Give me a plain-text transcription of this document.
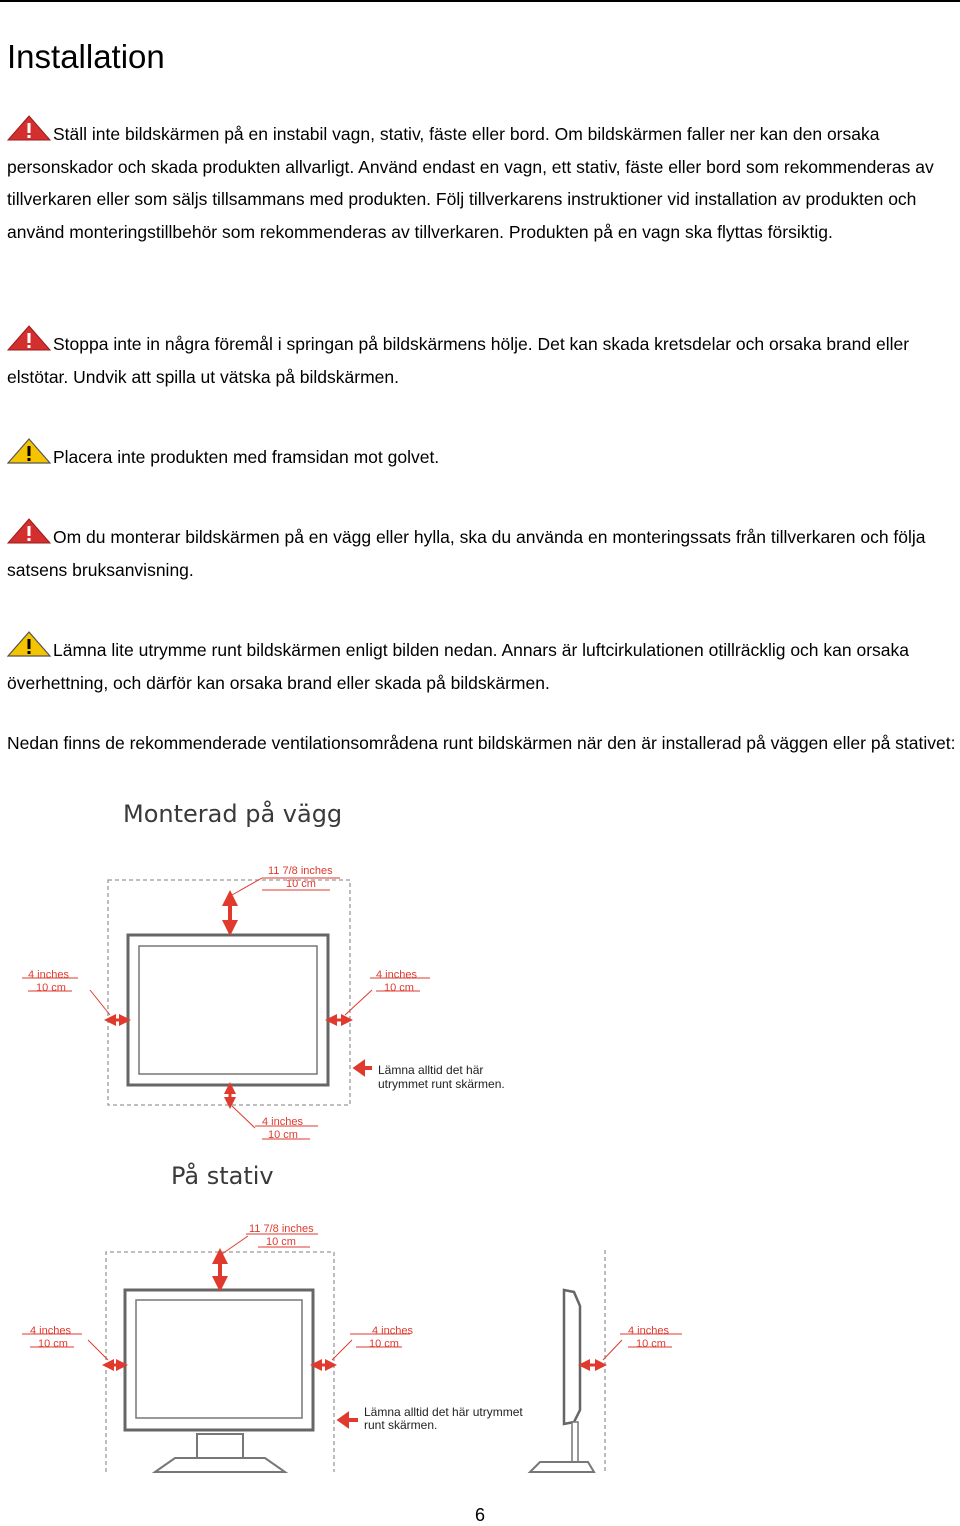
Installation

Ställ inte bildskärmen på en instabil vagn, stativ, fäste eller bord. Om bildskärmen faller ner kan den orsaka personskador och skada produkten allvarligt. Använd endast en vagn, ett stativ, fäste eller bord som rekommenderas av tillverkaren eller som säljs tillsammans med produkten. Följ tillverkarens instruktioner vid installation av produkten och använd monteringstillbehör som rekommenderas av tillverkaren. Produkten på en vagn ska flyttas försiktig.

Stoppa inte in några föremål i springan på bildskärmens hölje. Det kan skada kretsdelar och orsaka brand eller elstötar. Undvik att spilla ut vätska på bildskärmen.

Placera inte produkten med framsidan mot golvet.

Om du monterar bildskärmen på en vägg eller hylla, ska du använda en monteringssats från tillverkaren och följa satsens bruksanvisning.

Lämna lite utrymme runt bildskärmen enligt bilden nedan. Annars är luftcirkulationen otillräcklig och kan orsaka överhettning, och därför kan orsaka brand eller skada på bildskärmen.

Nedan finns de rekommenderade ventilationsområdena runt bildskärmen när den är installerad på väggen eller på stativet:

Monterad på vägg
På stativ
11 7/8 inches
10 cm
4 inches
10 cm
4 inches
10 cm
4 inches
10 cm
Lämna alltid det här
utrymmet runt skärmen.
11 7/8 inches
10 cm
4 inches
10 cm
4 inches
10 cm
Lämna alltid det här utrymmet
runt skärmen.
4 inches
10 cm
6
